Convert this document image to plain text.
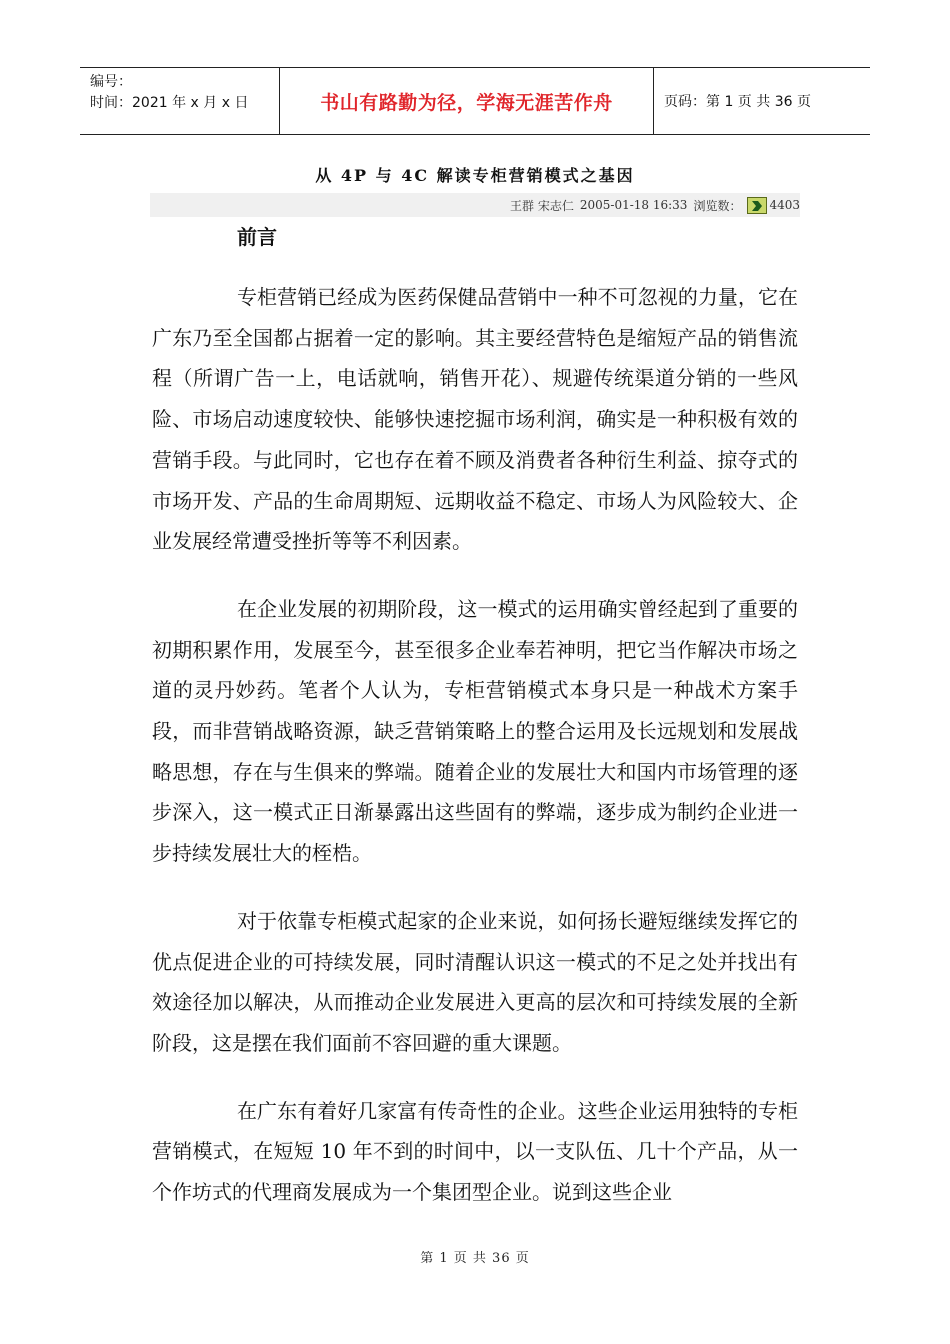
编号：
时间：2021 年 x 月 x 日	书山有路勤为径，学海无涯苦作舟	页码：第 1 页 共 36 页
从 4P 与 4C 解读专柜营销模式之基因
王群 宋志仁 2005-01-18 16:33 浏览数： 4403
前言

专柜营销已经成为医药保健品营销中一种不可忽视的力量，它在广东乃至全国都占据着一定的影响。其主要经营特色是缩短产品的销售流程（所谓广告一上，电话就响，销售开花）、规避传统渠道分销的一些风险、市场启动速度较快、能够快速挖掘市场利润，确实是一种积极有效的营销手段。与此同时，它也存在着不顾及消费者各种衍生利益、掠夺式的市场开发、产品的生命周期短、远期收益不稳定、市场人为风险较大、企业发展经常遭受挫折等等不利因素。

在企业发展的初期阶段，这一模式的运用确实曾经起到了重要的初期积累作用，发展至今，甚至很多企业奉若神明，把它当作解决市场之道的灵丹妙药。笔者个人认为，专柜营销模式本身只是一种战术方案手段，而非营销战略资源，缺乏营销策略上的整合运用及长远规划和发展战略思想，存在与生俱来的弊端。随着企业的发展壮大和国内市场管理的逐步深入，这一模式正日渐暴露出这些固有的弊端，逐步成为制约企业进一步持续发展壮大的桎梏。

对于依靠专柜模式起家的企业来说，如何扬长避短继续发挥它的优点促进企业的可持续发展，同时清醒认识这一模式的不足之处并找出有效途径加以解决，从而推动企业发展进入更高的层次和可持续发展的全新阶段，这是摆在我们面前不容回避的重大课题。

在广东有着好几家富有传奇性的企业。这些企业运用独特的专柜营销模式，在短短 10 年不到的时间中，以一支队伍、几十个产品，从一个作坊式的代理商发展成为一个集团型企业。说到这些企业

第 1 页 共 36 页
